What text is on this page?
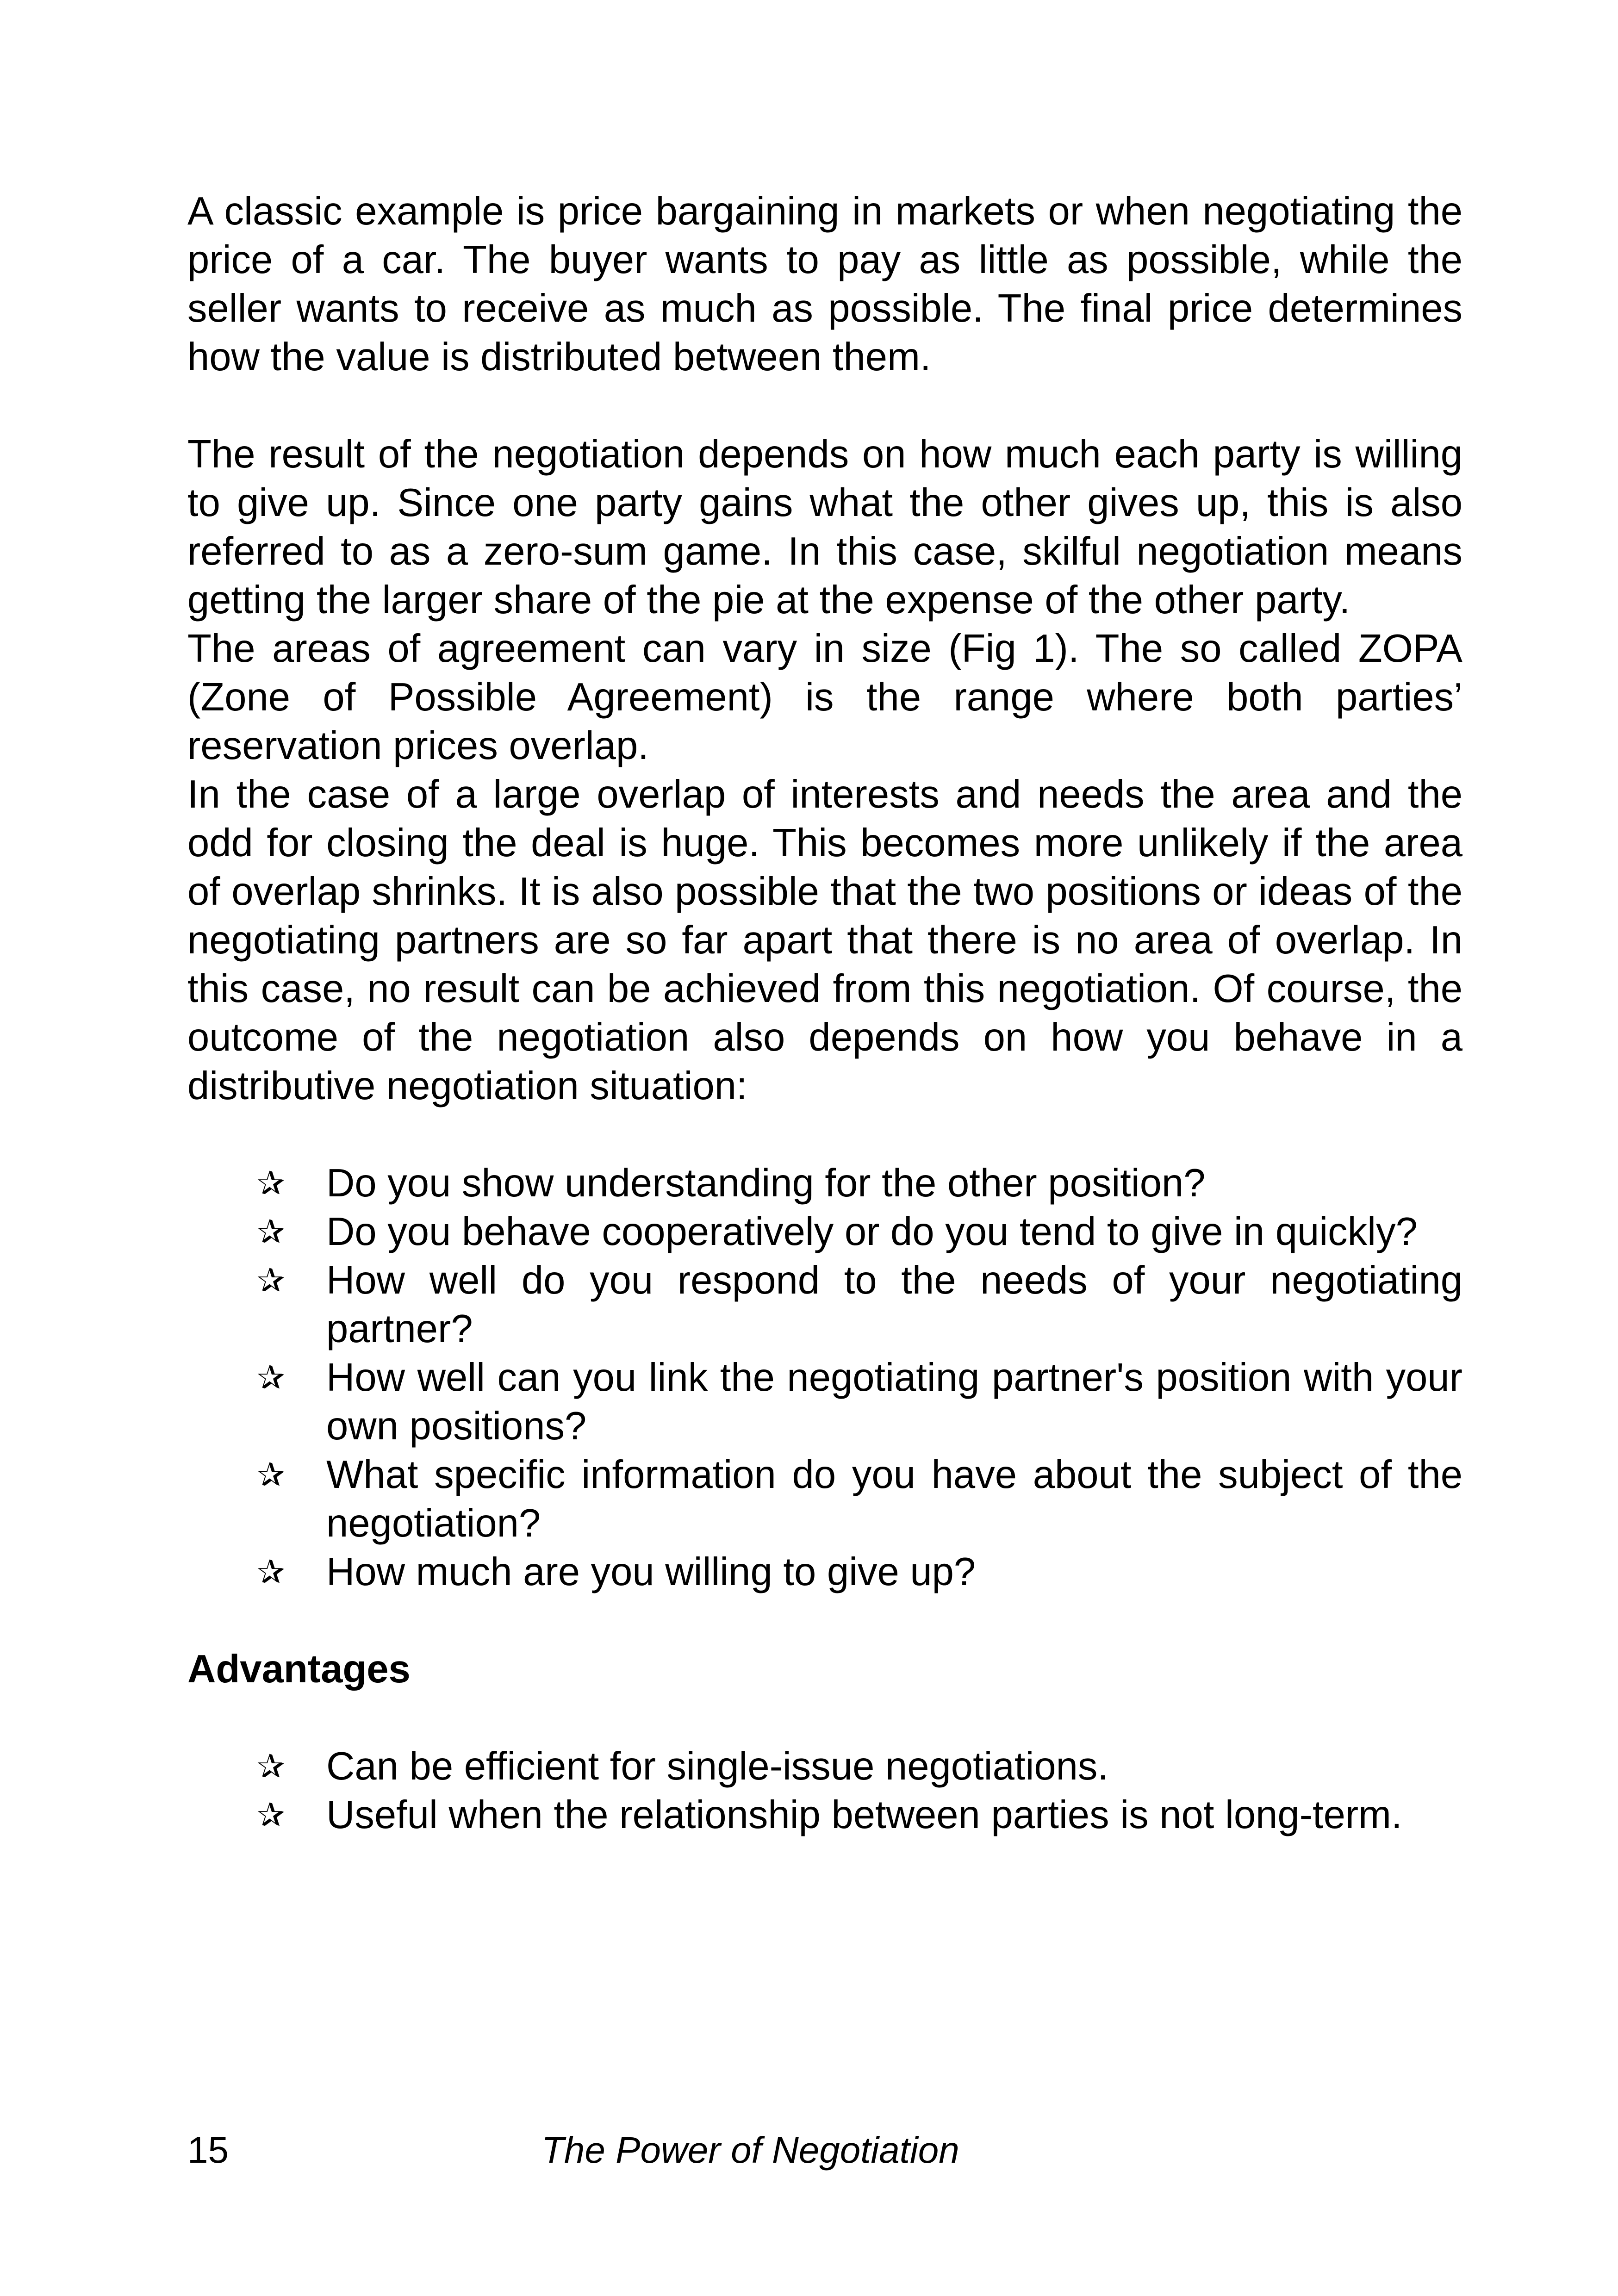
A classic example is price bargaining in markets or when negotiating the price of a car. The buyer wants to pay as little as possible, while the seller wants to receive as much as possible. The final price determines how the value is distributed between them.

The result of the negotiation depends on how much each party is willing to give up. Since one party gains what the other gives up, this is also referred to as a zero-sum game. In this case, skilful negotiation means getting the larger share of the pie at the expense of the other party.

The areas of agreement can vary in size (Fig 1). The so called ZOPA (Zone of Possible Agreement) is the range where both parties’ reservation prices overlap.

In the case of a large overlap of interests and needs the area and the odd for closing the deal is huge. This becomes more unlikely if the area of overlap shrinks. It is also possible that the two positions or ideas of the negotiating partners are so far apart that there is no area of overlap. In this case, no result can be achieved from this negotiation. Of course, the outcome of the negotiation also depends on how you behave in a distributive negotiation situation:

✰	Do you show understanding for the other position?
✰	Do you behave cooperatively or do you tend to give in quickly?
✰	How well do you respond to the needs of your negotiating partner?
✰	How well can you link the negotiating partner's position with your own positions?
✰	What specific information do you have about the subject of the negotiation?
✰	How much are you willing to give up?
Advantages
✰	Can be efficient for single-issue negotiations.
✰	Useful when the relationship between parties is not long-term.
15	The Power of Negotiation
